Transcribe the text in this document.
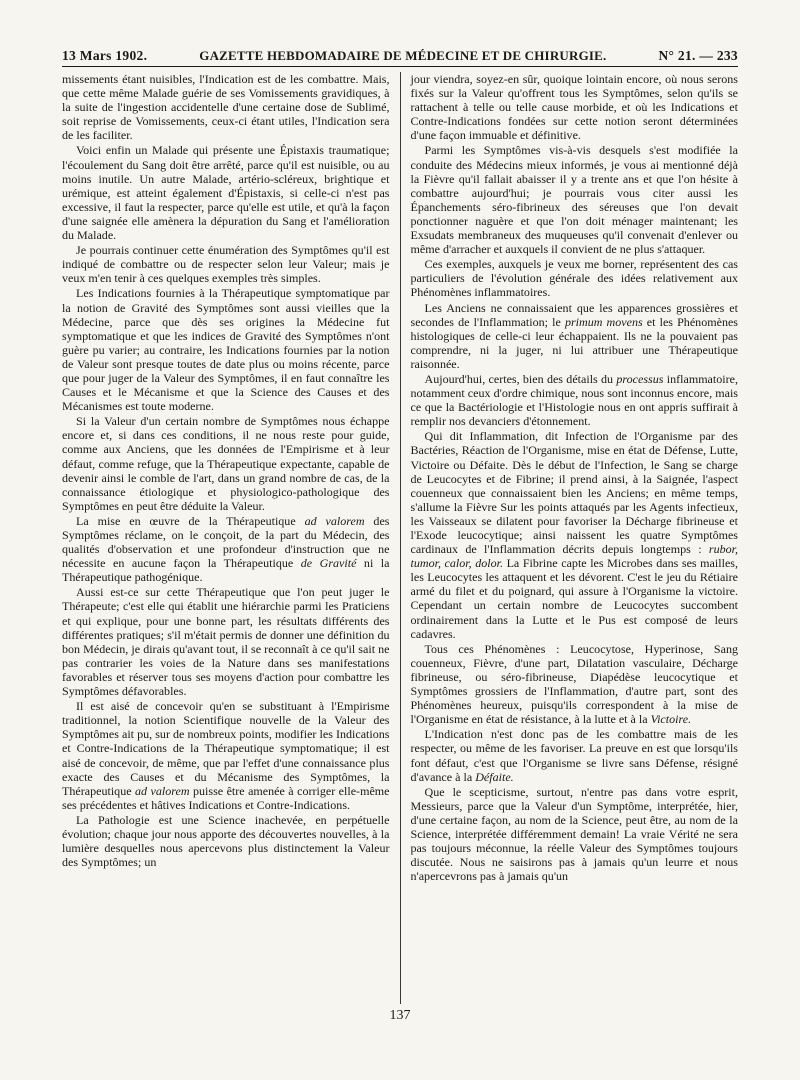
13 Mars 1902.	GAZETTE HEBDOMADAIRE DE MÉDECINE ET DE CHIRURGIE.	N° 21. — 233

missements étant nuisibles, l'Indication est de les combattre. Mais, que cette même Malade guérie de ses Vomissements gravidiques, à la suite de l'ingestion accidentelle d'une certaine dose de Sublimé, soit reprise de Vomissements, ceux-ci étant utiles, l'Indication sera de les faciliter.

Voici enfin un Malade qui présente une Épistaxis traumatique; l'écoulement du Sang doit être arrêté, parce qu'il est nuisible, ou au moins inutile. Un autre Malade, artério-scléreux, brightique et urémique, est atteint également d'Épistaxis, si celle-ci n'est pas excessive, il faut la respecter, parce qu'elle est utile, et qu'à la façon d'une saignée elle amènera la dépuration du Sang et l'amélioration du Malade.

Je pourrais continuer cette énumération des Symptômes qu'il est indiqué de combattre ou de respecter selon leur Valeur; mais je veux m'en tenir à ces quelques exemples très simples.

Les Indications fournies à la Thérapeutique symptomatique par la notion de Gravité des Symptômes sont aussi vieilles que la Médecine, parce que dès ses origines la Médecine fut symptomatique et que les indices de Gravité des Symptômes n'ont guère pu varier; au contraire, les Indications fournies par la notion de Valeur sont presque toutes de date plus ou moins récente, parce que pour juger de la Valeur des Symptômes, il en faut connaître les Causes et le Mécanisme et que la Science des Causes et des Mécanismes est toute moderne.

Si la Valeur d'un certain nombre de Symptômes nous échappe encore et, si dans ces conditions, il ne nous reste pour guide, comme aux Anciens, que les données de l'Empirisme et à leur défaut, comme refuge, que la Thérapeutique expectante, capable de devenir ainsi le comble de l'art, dans un grand nombre de cas, de la connaissance étiologique et physiologico-pathologique des Symptômes en peut être déduite la Valeur.

La mise en œuvre de la Thérapeutique ad valorem des Symptômes réclame, on le conçoit, de la part du Médecin, des qualités d'observation et une profondeur d'instruction que ne nécessite en aucune façon la Thérapeutique de Gravité ni la Thérapeutique pathogénique.

Aussi est-ce sur cette Thérapeutique que l'on peut juger le Thérapeute; c'est elle qui établit une hiérarchie parmi les Praticiens et qui explique, pour une bonne part, les résultats différents des différentes pratiques; s'il m'était permis de donner une définition du bon Médecin, je dirais qu'avant tout, il se reconnaît à ce qu'il sait ne pas contrarier les voies de la Nature dans ses manifestations favorables et réserver tous ses moyens d'action pour combattre les Symptômes défavorables.

Il est aisé de concevoir qu'en se substituant à l'Empirisme traditionnel, la notion Scientifique nouvelle de la Valeur des Symptômes ait pu, sur de nombreux points, modifier les Indications et Contre-Indications de la Thérapeutique symptomatique; il est aisé de concevoir, de même, que par l'effet d'une connaissance plus exacte des Causes et du Mécanisme des Symptômes, la Thérapeutique ad valorem puisse être amenée à corriger elle-même ses précédentes et hâtives Indications et Contre-Indications.

La Pathologie est une Science inachevée, en perpétuelle évolution; chaque jour nous apporte des découvertes nouvelles, à la lumière desquelles nous apercevons plus distinctement la Valeur des Symptômes; un

jour viendra, soyez-en sûr, quoique lointain encore, où nous serons fixés sur la Valeur qu'offrent tous les Symptômes, selon qu'ils se rattachent à telle ou telle cause morbide, et où les Indications et Contre-Indications fondées sur cette notion seront déterminées d'une façon immuable et définitive.

Parmi les Symptômes vis-à-vis desquels s'est modifiée la conduite des Médecins mieux informés, je vous ai mentionné déjà la Fièvre qu'il fallait abaisser il y a trente ans et que l'on hésite à combattre aujourd'hui; je pourrais vous citer aussi les Épanchements séro-fibrineux des séreuses que l'on devait ponctionner naguère et que l'on doit ménager maintenant; les Exsudats membraneux des muqueuses qu'il convenait d'enlever ou même d'arracher et auxquels il convient de ne plus s'attaquer.

Ces exemples, auxquels je veux me borner, représentent des cas particuliers de l'évolution générale des idées relativement aux Phénomènes inflammatoires.

Les Anciens ne connaissaient que les apparences grossières et secondes de l'Inflammation; le primum movens et les Phénomènes histologiques de celle-ci leur échappaient. Ils ne la pouvaient pas comprendre, ni la juger, ni lui attribuer une Thérapeutique raisonnée.

Aujourd'hui, certes, bien des détails du processus inflammatoire, notamment ceux d'ordre chimique, nous sont inconnus encore, mais ce que la Bactériologie et l'Histologie nous en ont appris suffirait à remplir nos devanciers d'étonnement.

Qui dit Inflammation, dit Infection de l'Organisme par des Bactéries, Réaction de l'Organisme, mise en état de Défense, Lutte, Victoire ou Défaite. Dès le début de l'Infection, le Sang se charge de Leucocytes et de Fibrine; il prend ainsi, à la Saignée, l'aspect couenneux que connaissaient bien les Anciens; en même temps, s'allume la Fièvre Sur les points attaqués par les Agents infectieux, les Vaisseaux se dilatent pour favoriser la Décharge fibrineuse et l'Exode leucocytique; ainsi naissent les quatre Symptômes cardinaux de l'Inflammation décrits depuis longtemps : rubor, tumor, calor, dolor. La Fibrine capte les Microbes dans ses mailles, les Leucocytes les attaquent et les dévorent. C'est le jeu du Rétiaire armé du filet et du poignard, qui assure à l'Organisme la victoire. Cependant un certain nombre de Leucocytes succombent ordinairement dans la Lutte et le Pus est composé de leurs cadavres.

Tous ces Phénomènes : Leucocytose, Hyperinose, Sang couenneux, Fièvre, d'une part, Dilatation vasculaire, Décharge fibrineuse, ou séro-fibrineuse, Diapédèse leucocytique et Symptômes grossiers de l'Inflammation, d'autre part, sont des Phénomènes heureux, puisqu'ils correspondent à la mise de l'Organisme en état de résistance, à la lutte et à la Victoire.

L'Indication n'est donc pas de les combattre mais de les respecter, ou même de les favoriser. La preuve en est que lorsqu'ils font défaut, c'est que l'Organisme se livre sans Défense, résigné d'avance à la Défaite.

Que le scepticisme, surtout, n'entre pas dans votre esprit, Messieurs, parce que la Valeur d'un Symptôme, interprétée, hier, d'une certaine façon, au nom de la Science, peut être, au nom de la Science, interprétée différemment demain! La vraie Vérité ne sera pas toujours méconnue, la réelle Valeur des Symptômes toujours discutée. Nous ne saisirons pas à jamais qu'un leurre et nous n'apercevrons pas à jamais qu'un

137
